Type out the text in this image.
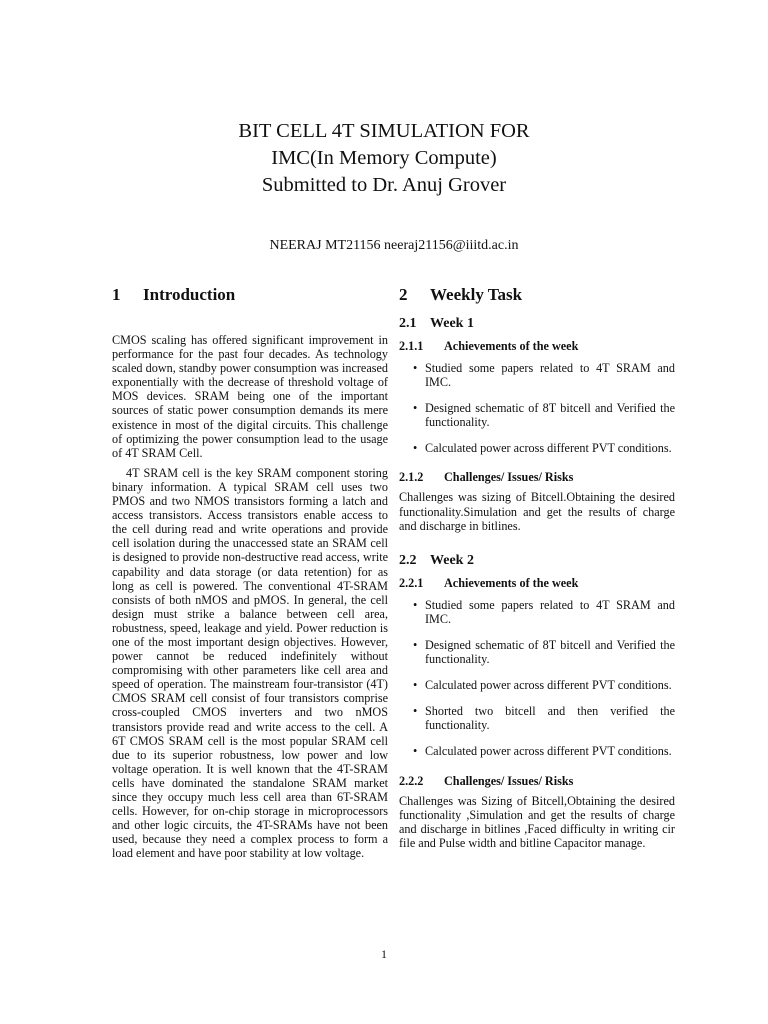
BIT CELL 4T SIMULATION FOR
IMC(In Memory Compute)
Submitted to Dr. Anuj Grover
NEERAJ MT21156 neeraj21156@iiitd.ac.in
1 Introduction

CMOS scaling has offered significant improvement in performance for the past four decades. As technology scaled down, standby power consumption was increased exponentially with the decrease of threshold voltage of MOS devices. SRAM being one of the important sources of static power consumption demands its mere existence in most of the digital circuits. This challenge of optimizing the power consumption lead to the usage of 4T SRAM Cell.

4T SRAM cell is the key SRAM component storing binary information. A typical SRAM cell uses two PMOS and two NMOS transistors forming a latch and access transistors. Access transistors enable access to the cell during read and write operations and provide cell isolation during the unaccessed state an SRAM cell is designed to provide non-destructive read access, write capability and data storage (or data retention) for as long as cell is powered. The conventional 4T-SRAM consists of both nMOS and pMOS. In general, the cell design must strike a balance between cell area, robustness, speed, leakage and yield. Power reduction is one of the most important design objectives. However, power cannot be reduced indefinitely without compromising with other parameters like cell area and speed of operation. The mainstream four-transistor (4T) CMOS SRAM cell consist of four transistors comprise cross-coupled CMOS inverters and two nMOS transistors provide read and write access to the cell. A 6T CMOS SRAM cell is the most popular SRAM cell due to its superior robustness, low power and low voltage operation. It is well known that the 4T-SRAM cells have dominated the standalone SRAM market since they occupy much less cell area than 6T-SRAM cells. However, for on-chip storage in microprocessors and other logic circuits, the 4T-SRAMs have not been used, because they need a complex process to form a load element and have poor stability at low voltage.

2 Weekly Task
2.1 Week 1
2.1.1 Achievements of the week
• Studied some papers related to 4T SRAM and IMC.
• Designed schematic of 8T bitcell and Verified the functionality.
• Calculated power across different PVT conditions.
2.1.2 Challenges/ Issues/ Risks

Challenges was sizing of Bitcell.Obtaining the desired functionality.Simulation and get the results of charge and discharge in bitlines.

2.2 Week 2
2.2.1 Achievements of the week
• Studied some papers related to 4T SRAM and IMC.
• Designed schematic of 8T bitcell and Verified the functionality.
• Calculated power across different PVT conditions.
• Shorted two bitcell and then verified the functionality.
• Calculated power across different PVT conditions.
2.2.2 Challenges/ Issues/ Risks

Challenges was Sizing of Bitcell,Obtaining the desired functionality ,Simulation and get the results of charge and discharge in bitlines ,Faced difficulty in writing cir file and Pulse width and bitline Capacitor manage.

1
